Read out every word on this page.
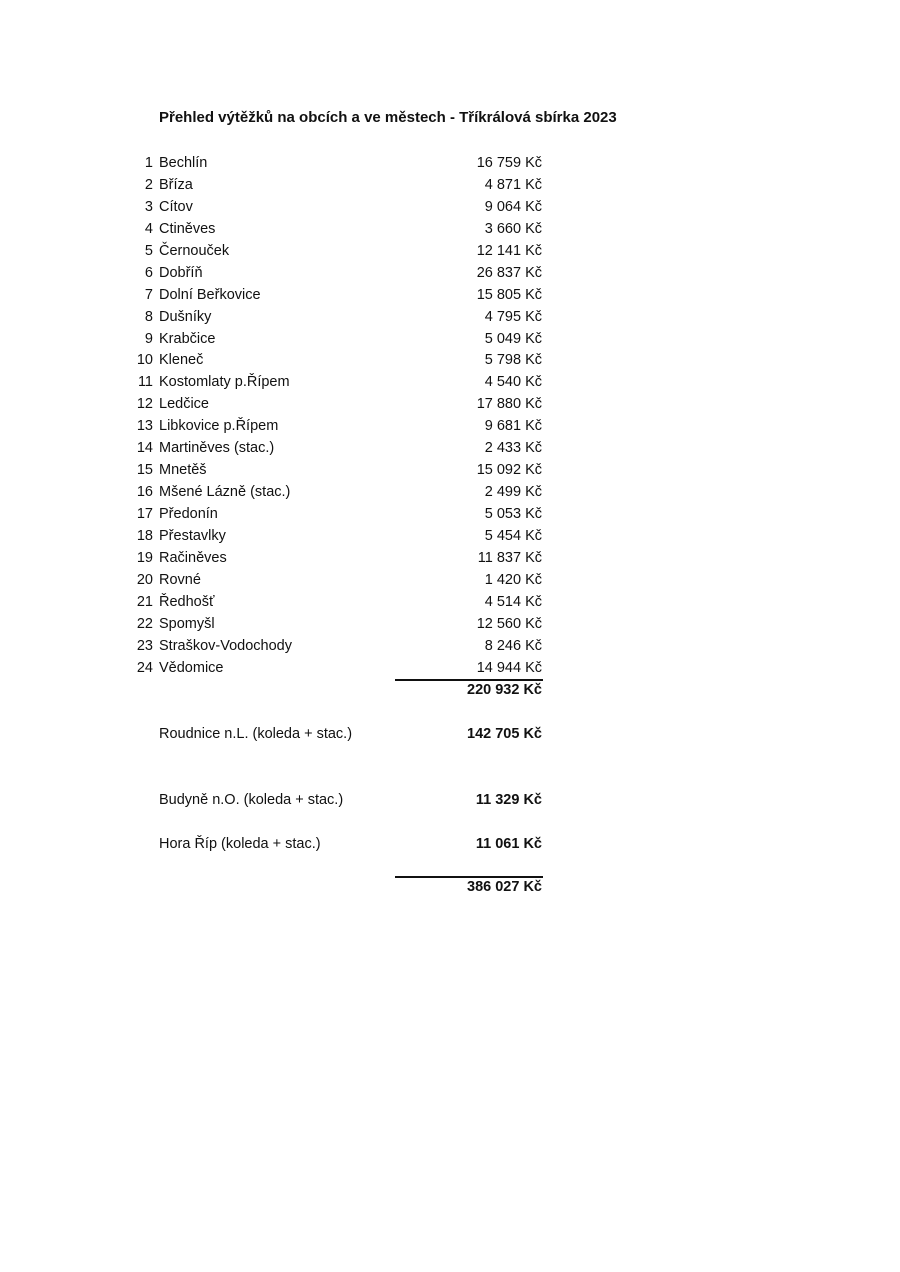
Přehled výtěžků na obcích a ve městech - Tříkrálová sbírka 2023
1 Bechlín	16 759 Kč
2 Bříza	4 871 Kč
3 Cítov	9 064 Kč
4 Ctiněves	3 660 Kč
5 Černouček	12 141 Kč
6 Dobříň	26 837 Kč
7 Dolní Beřkovice	15 805 Kč
8 Dušníky	4 795 Kč
9 Krabčice	5 049 Kč
10 Kleneč	5 798 Kč
11 Kostomlaty p.Řípem	4 540 Kč
12 Ledčice	17 880 Kč
13 Libkovice p.Řípem	9 681 Kč
14 Martiněves (stac.)	2 433 Kč
15 Mnetěš	15 092 Kč
16 Mšené Lázně (stac.)	2 499 Kč
17 Předonín	5 053 Kč
18 Přestavlky	5 454 Kč
19 Račiněves	11 837 Kč
20 Rovné	1 420 Kč
21 Ředhošť	4 514 Kč
22 Spomyšl	12 560 Kč
23 Straškov-Vodochody	8 246 Kč
24 Vědomice	14 944 Kč
220 932 Kč
Roudnice n.L. (koleda + stac.)	142 705 Kč
Budyně n.O. (koleda + stac.)	11 329 Kč
Hora Říp (koleda + stac.)	11 061 Kč
386 027 Kč
